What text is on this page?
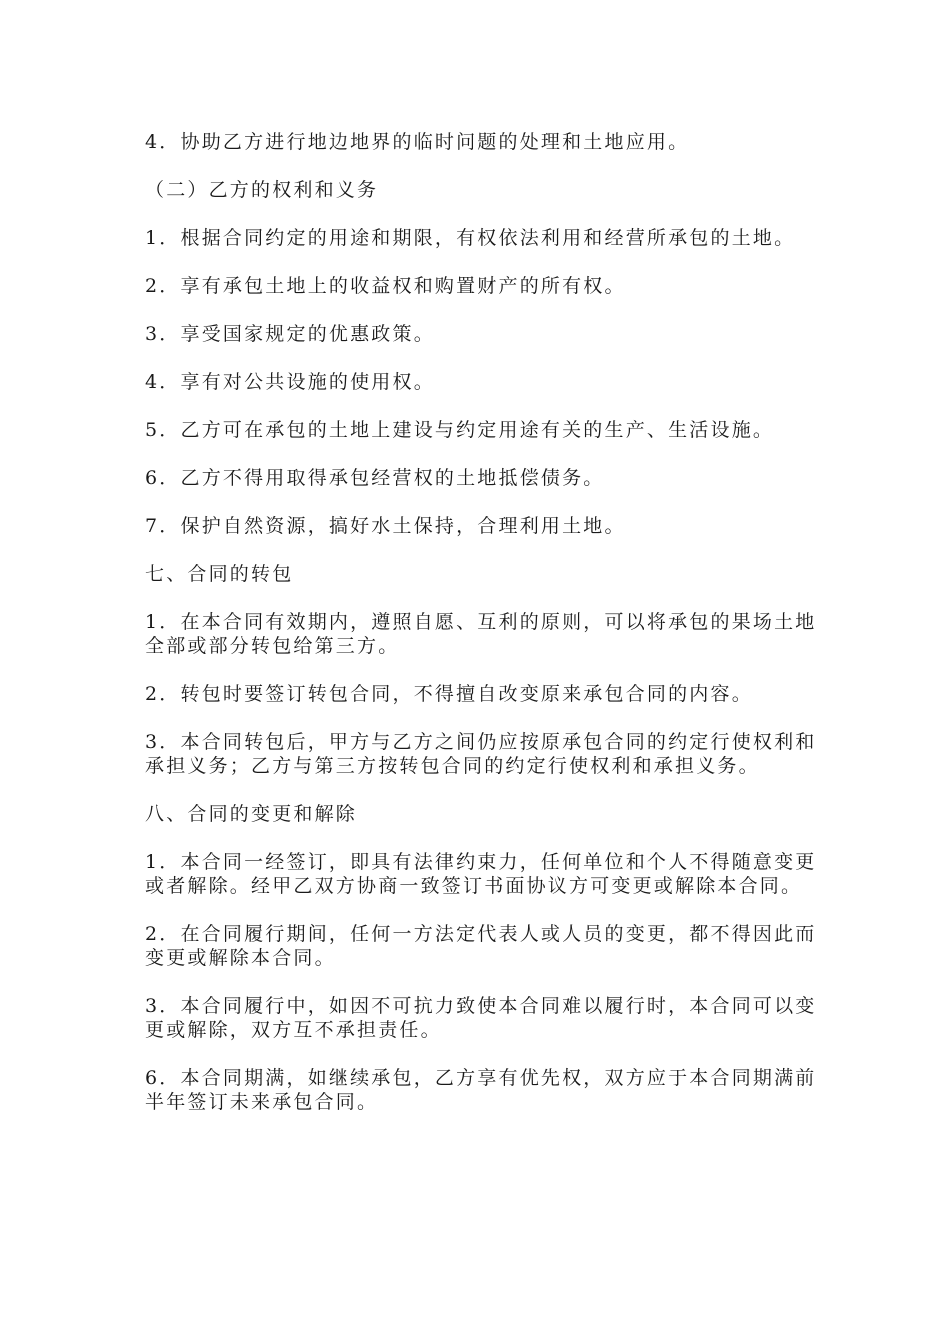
4．协助乙方进行地边地界的临时问题的处理和土地应用。

（二）乙方的权利和义务

1．根据合同约定的用途和期限，有权依法利用和经营所承包的土地。

2．享有承包土地上的收益权和购置财产的所有权。

3．享受国家规定的优惠政策。

4．享有对公共设施的使用权。

5．乙方可在承包的土地上建设与约定用途有关的生产、生活设施。

6．乙方不得用取得承包经营权的土地抵偿债务。

7．保护自然资源，搞好水土保持，合理利用土地。

七、合同的转包

1．在本合同有效期内，遵照自愿、互利的原则，可以将承包的果场土地全部或部分转包给第三方。

2．转包时要签订转包合同，不得擅自改变原来承包合同的内容。

3．本合同转包后，甲方与乙方之间仍应按原承包合同的约定行使权利和承担义务；乙方与第三方按转包合同的约定行使权利和承担义务。

八、合同的变更和解除

1．本合同一经签订，即具有法律约束力，任何单位和个人不得随意变更或者解除。经甲乙双方协商一致签订书面协议方可变更或解除本合同。

2．在合同履行期间，任何一方法定代表人或人员的变更，都不得因此而变更或解除本合同。

3．本合同履行中，如因不可抗力致使本合同难以履行时，本合同可以变更或解除，双方互不承担责任。

6．本合同期满，如继续承包，乙方享有优先权，双方应于本合同期满前半年签订未来承包合同。
